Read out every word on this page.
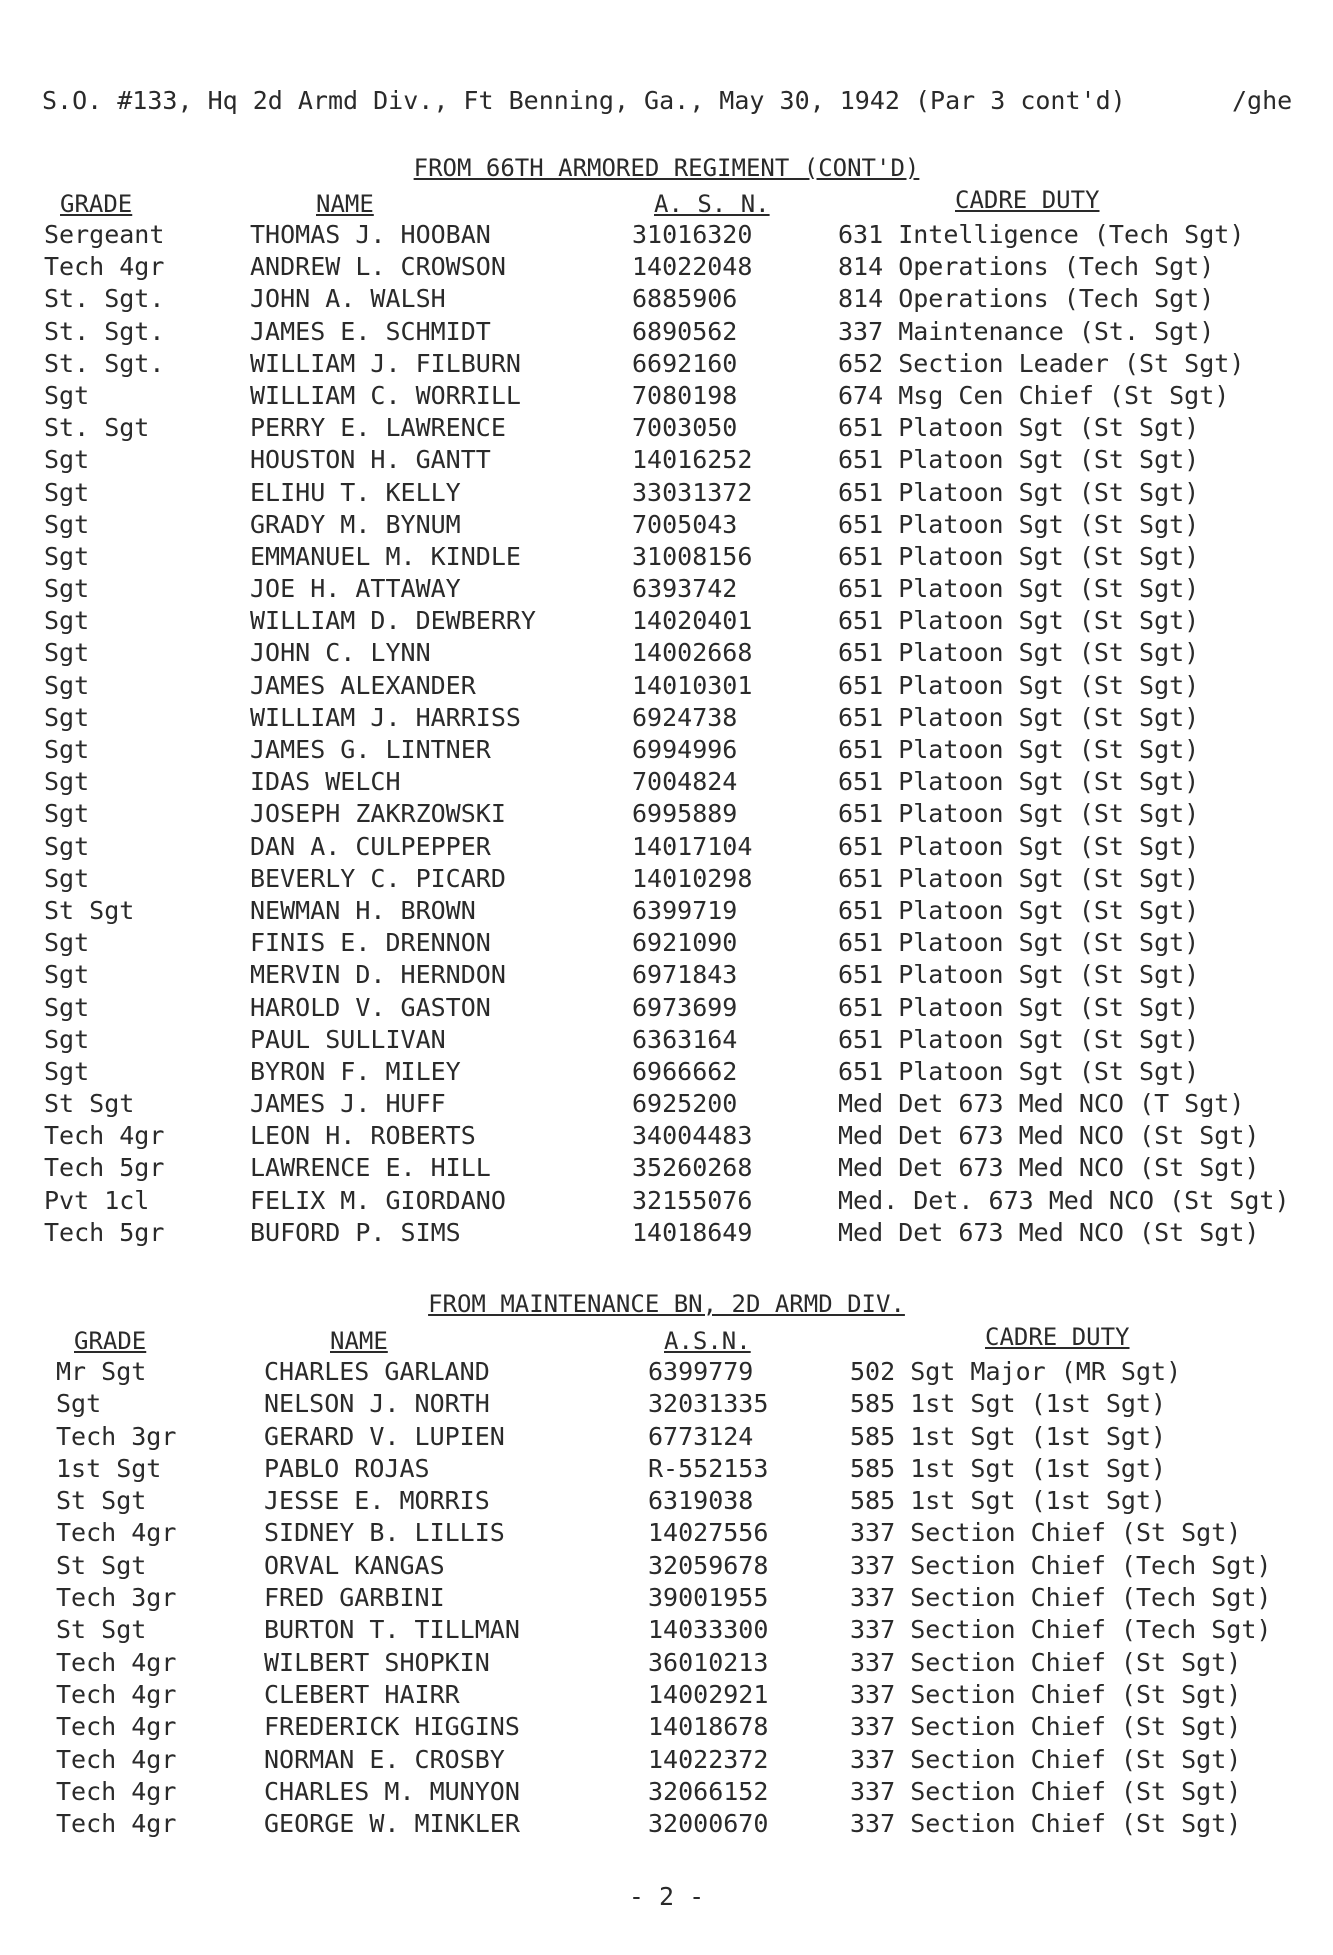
S.O. #133, Hq 2d Armd Div., Ft Benning, Ga., May 30, 1942 (Par 3 cont'd)	/ghe
FROM 66TH ARMORED REGIMENT (CONT'D)
GRADE	NAME	A. S. N.	CADRE DUTY
Sergeant	THOMAS J. HOOBAN	31016320	631 Intelligence (Tech Sgt)
Tech 4gr	ANDREW L. CROWSON	14022048	814 Operations (Tech Sgt)
St. Sgt.	JOHN A. WALSH	6885906	814 Operations (Tech Sgt)
St. Sgt.	JAMES E. SCHMIDT	6890562	337 Maintenance (St. Sgt)
St. Sgt.	WILLIAM J. FILBURN	6692160	652 Section Leader (St Sgt)
Sgt	WILLIAM C. WORRILL	7080198	674 Msg Cen Chief (St Sgt)
St. Sgt	PERRY E. LAWRENCE	7003050	651 Platoon Sgt (St Sgt)
Sgt	HOUSTON H. GANTT	14016252	651 Platoon Sgt (St Sgt)
Sgt	ELIHU T. KELLY	33031372	651 Platoon Sgt (St Sgt)
Sgt	GRADY M. BYNUM	7005043	651 Platoon Sgt (St Sgt)
Sgt	EMMANUEL M. KINDLE	31008156	651 Platoon Sgt (St Sgt)
Sgt	JOE H. ATTAWAY	6393742	651 Platoon Sgt (St Sgt)
Sgt	WILLIAM D. DEWBERRY	14020401	651 Platoon Sgt (St Sgt)
Sgt	JOHN C. LYNN	14002668	651 Platoon Sgt (St Sgt)
Sgt	JAMES ALEXANDER	14010301	651 Platoon Sgt (St Sgt)
Sgt	WILLIAM J. HARRISS	6924738	651 Platoon Sgt (St Sgt)
Sgt	JAMES G. LINTNER	6994996	651 Platoon Sgt (St Sgt)
Sgt	IDAS WELCH	7004824	651 Platoon Sgt (St Sgt)
Sgt	JOSEPH ZAKRZOWSKI	6995889	651 Platoon Sgt (St Sgt)
Sgt	DAN A. CULPEPPER	14017104	651 Platoon Sgt (St Sgt)
Sgt	BEVERLY C. PICARD	14010298	651 Platoon Sgt (St Sgt)
St Sgt	NEWMAN H. BROWN	6399719	651 Platoon Sgt (St Sgt)
Sgt	FINIS E. DRENNON	6921090	651 Platoon Sgt (St Sgt)
Sgt	MERVIN D. HERNDON	6971843	651 Platoon Sgt (St Sgt)
Sgt	HAROLD V. GASTON	6973699	651 Platoon Sgt (St Sgt)
Sgt	PAUL SULLIVAN	6363164	651 Platoon Sgt (St Sgt)
Sgt	BYRON F. MILEY	6966662	651 Platoon Sgt (St Sgt)
St Sgt	JAMES J. HUFF	6925200	Med Det 673 Med NCO (T Sgt)
Tech 4gr	LEON H. ROBERTS	34004483	Med Det 673 Med NCO (St Sgt)
Tech 5gr	LAWRENCE E. HILL	35260268	Med Det 673 Med NCO (St Sgt)
Pvt 1cl	FELIX M. GIORDANO	32155076	Med. Det. 673 Med NCO (St Sgt)
Tech 5gr	BUFORD P. SIMS	14018649	Med Det 673 Med NCO (St Sgt)
FROM MAINTENANCE BN, 2D ARMD DIV.
GRADE	NAME	A.S.N.	CADRE DUTY
Mr Sgt	CHARLES GARLAND	6399779	502 Sgt Major (MR Sgt)
Sgt	NELSON J. NORTH	32031335	585 1st Sgt (1st Sgt)
Tech 3gr	GERARD V. LUPIEN	6773124	585 1st Sgt (1st Sgt)
1st Sgt	PABLO ROJAS	R-552153	585 1st Sgt (1st Sgt)
St Sgt	JESSE E. MORRIS	6319038	585 1st Sgt (1st Sgt)
Tech 4gr	SIDNEY B. LILLIS	14027556	337 Section Chief (St Sgt)
St Sgt	ORVAL KANGAS	32059678	337 Section Chief (Tech Sgt)
Tech 3gr	FRED GARBINI	39001955	337 Section Chief (Tech Sgt)
St Sgt	BURTON T. TILLMAN	14033300	337 Section Chief (Tech Sgt)
Tech 4gr	WILBERT SHOPKIN	36010213	337 Section Chief (St Sgt)
Tech 4gr	CLEBERT HAIRR	14002921	337 Section Chief (St Sgt)
Tech 4gr	FREDERICK HIGGINS	14018678	337 Section Chief (St Sgt)
Tech 4gr	NORMAN E. CROSBY	14022372	337 Section Chief (St Sgt)
Tech 4gr	CHARLES M. MUNYON	32066152	337 Section Chief (St Sgt)
Tech 4gr	GEORGE W. MINKLER	32000670	337 Section Chief (St Sgt)
- 2 -
